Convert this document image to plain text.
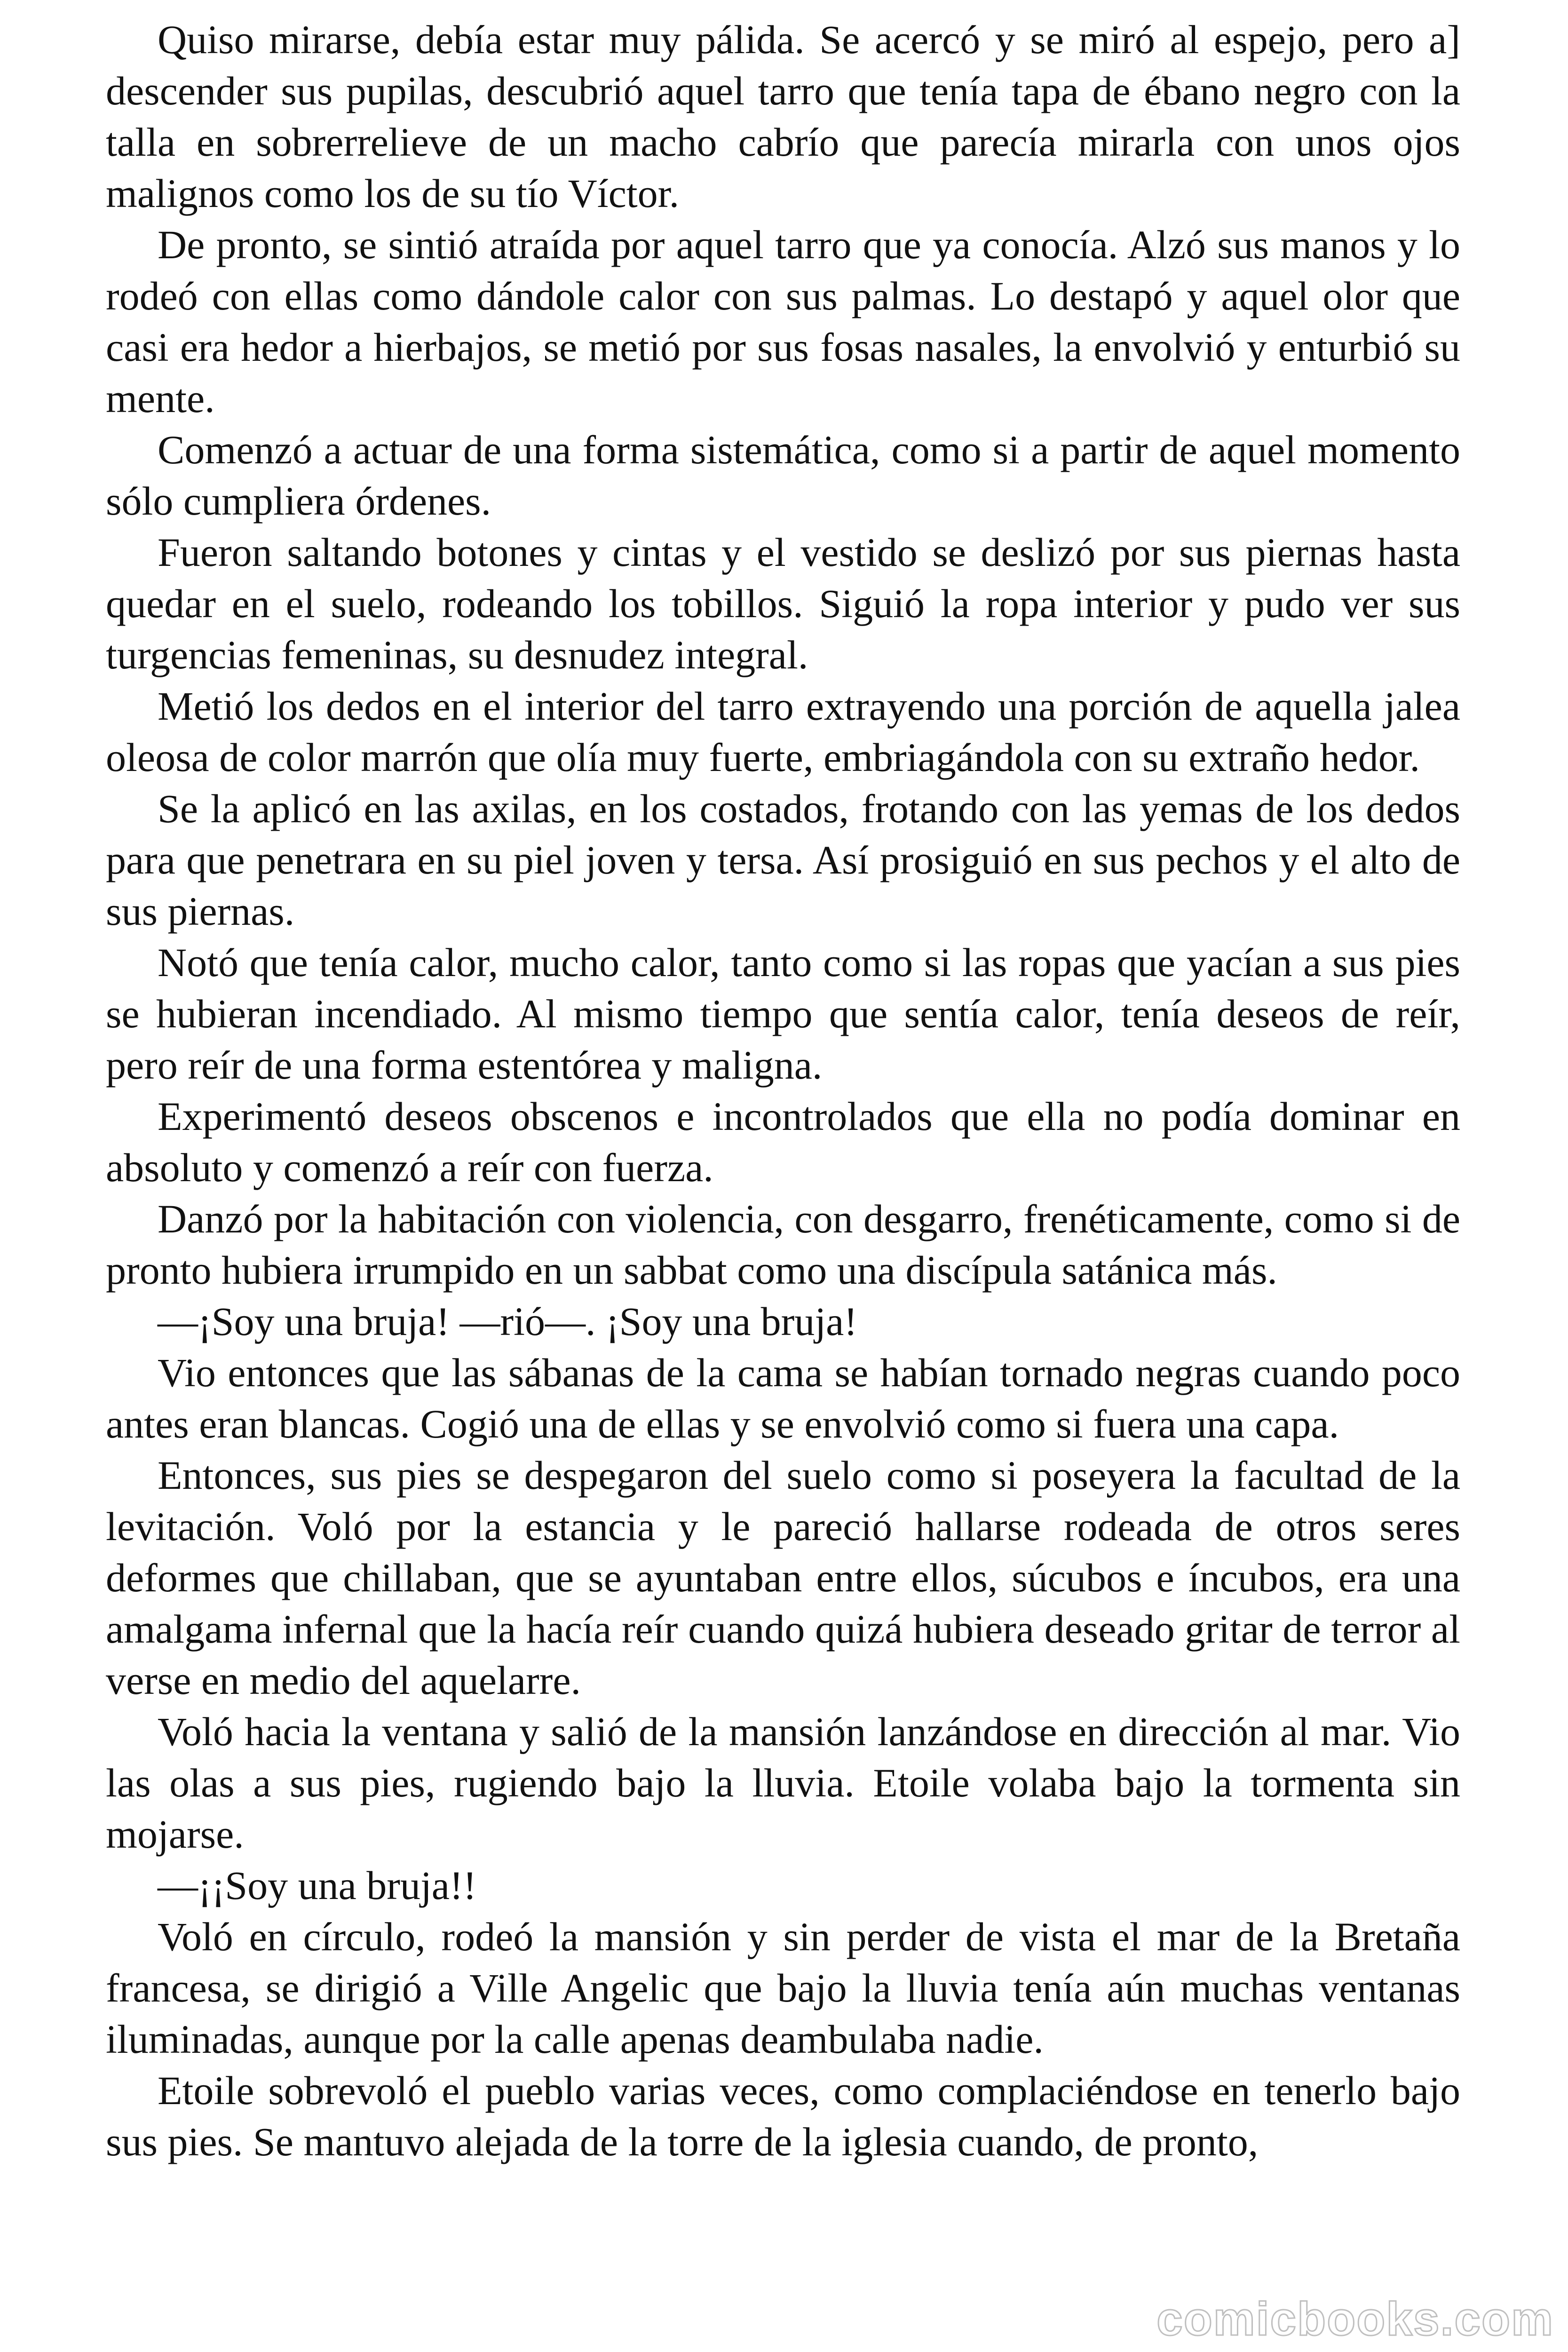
Quiso mirarse, debía estar muy pálida. Se acercó y se miró al espejo, pero a] descender sus pupilas, descubrió aquel tarro que tenía tapa de ébano negro con la talla en sobrerrelieve de un macho cabrío que parecía mirarla con unos ojos malignos como los de su tío Víctor.

De pronto, se sintió atraída por aquel tarro que ya conocía. Alzó sus manos y lo rodeó con ellas como dándole calor con sus palmas. Lo destapó y aquel olor que casi era hedor a hierbajos, se metió por sus fosas nasales, la envolvió y enturbió su mente.

Comenzó a actuar de una forma sistemática, como si a partir de aquel momento sólo cumpliera órdenes.

Fueron saltando botones y cintas y el vestido se deslizó por sus piernas hasta quedar en el suelo, rodeando los tobillos. Siguió la ropa interior y pudo ver sus turgencias femeninas, su desnudez integral.

Metió los dedos en el interior del tarro extrayendo una porción de aquella jalea oleosa de color marrón que olía muy fuerte, embriagándola con su extraño hedor.

Se la aplicó en las axilas, en los costados, frotando con las yemas de los dedos para que penetrara en su piel joven y tersa. Así prosiguió en sus pechos y el alto de sus piernas.

Notó que tenía calor, mucho calor, tanto como si las ropas que yacían a sus pies se hubieran incendiado. Al mismo tiempo que sentía calor, tenía deseos de reír, pero reír de una forma estentórea y maligna.

Experimentó deseos obscenos e incontrolados que ella no podía dominar en absoluto y comenzó a reír con fuerza.

Danzó por la habitación con violencia, con desgarro, frenéticamente, como si de pronto hubiera irrumpido en un sabbat como una discípula satánica más.

—¡Soy una bruja! —rió—. ¡Soy una bruja!

Vio entonces que las sábanas de la cama se habían tornado negras cuando poco antes eran blancas. Cogió una de ellas y se envolvió como si fuera una capa.

Entonces, sus pies se despegaron del suelo como si poseyera la facultad de la levitación. Voló por la estancia y le pareció hallarse rodeada de otros seres deformes que chillaban, que se ayuntaban entre ellos, súcubos e íncubos, era una amalgama infernal que la hacía reír cuando quizá hubiera deseado gritar de terror al verse en medio del aquelarre.

Voló hacia la ventana y salió de la mansión lanzándose en dirección al mar. Vio las olas a sus pies, rugiendo bajo la lluvia. Etoile volaba bajo la tormenta sin mojarse.

—¡¡Soy una bruja!!

Voló en círculo, rodeó la mansión y sin perder de vista el mar de la Bretaña francesa, se dirigió a Ville Angelic que bajo la lluvia tenía aún muchas ventanas iluminadas, aunque por la calle apenas deambulaba nadie.

Etoile sobrevoló el pueblo varias veces, como complaciéndose en tenerlo bajo sus pies. Se mantuvo alejada de la torre de la iglesia cuando, de pronto,

comicbooks.com
